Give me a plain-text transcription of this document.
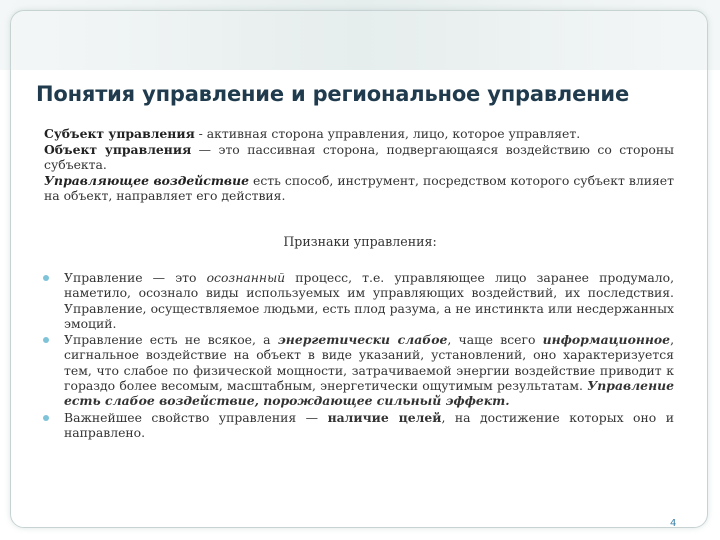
Понятия управление и региональное управление

Субъект управления - активная сторона управления, лицо, которое управляет.

Объект управления — это пассивная сторона, подвергающаяся воздействию со стороны субъекта.

Управляющее воздействие есть способ, инструмент, посредством которого субъект влияет на объект, направляет его действия.

Признаки управления:
Управление — это осознанный процесс, т.е. управляющее лицо заранее продумало, наметило, осознало виды используемых им управляющих воздействий, их последствия. Управление, осуществляемое людьми, есть плод разума, а не инстинкта или несдержанных эмоций.
Управление есть не всякое, а энергетически слабое, чаще всего информационное, сигнальное воздействие на объект в виде указаний, установлений, оно характеризуется тем, что слабое по физической мощности, затрачиваемой энергии воздействие приводит к гораздо более весомым, масштабным, энергетически ощутимым результатам. Управление есть слабое воздействие, порождающее сильный эффект.
Важнейшее свойство управления — наличие целей, на достижение которых оно и направлено.
4
